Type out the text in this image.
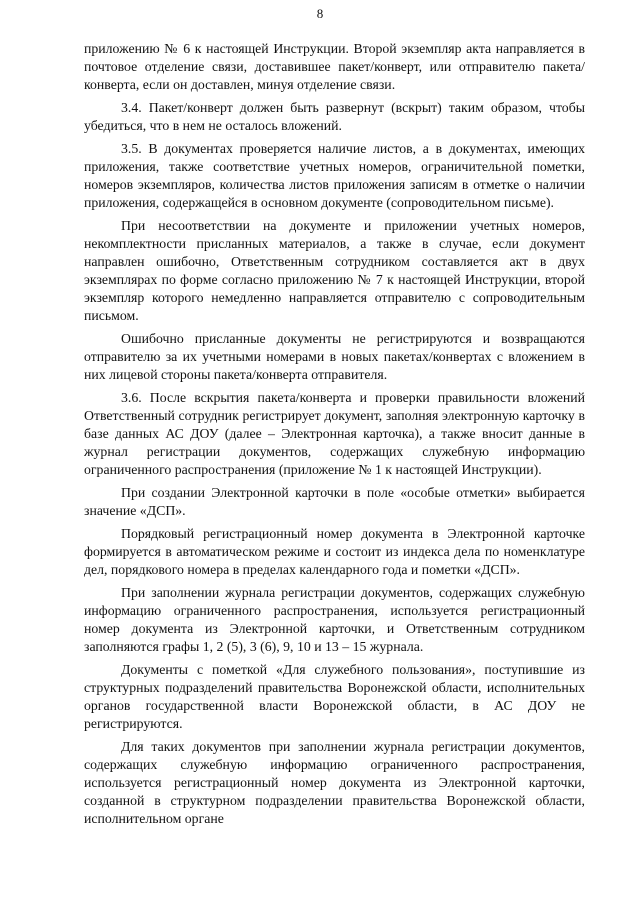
8

приложению № 6 к настоящей Инструкции. Второй экземпляр акта направляется в почтовое отделение связи, доставившее пакет/конверт, или отправителю пакета/конверта, если он доставлен, минуя отделение связи.

3.4. Пакет/конверт должен быть развернут (вскрыт) таким образом, чтобы убедиться, что в нем не осталось вложений.

3.5. В документах проверяется наличие листов, а в документах, имеющих приложения, также соответствие учетных номеров, ограничительной пометки, номеров экземпляров, количества листов приложения записям в отметке о наличии приложения, содержащейся в основном документе (сопроводительном письме).

При несоответствии на документе и приложении учетных номеров, некомплектности присланных материалов, а также в случае, если документ направлен ошибочно, Ответственным сотрудником составляется акт в двух экземплярах по форме согласно приложению № 7 к настоящей Инструкции, второй экземпляр которого немедленно направляется отправителю с сопроводительным письмом.

Ошибочно присланные документы не регистрируются и возвращаются отправителю за их учетными номерами в новых пакетах/конвертах с вложением в них лицевой стороны пакета/конверта отправителя.

3.6. После вскрытия пакета/конверта и проверки правильности вложений Ответственный сотрудник регистрирует документ, заполняя электронную карточку в базе данных АС ДОУ (далее – Электронная карточка), а также вносит данные в журнал регистрации документов, содержащих служебную информацию ограниченного распространения (приложение № 1 к настоящей Инструкции).

При создании Электронной карточки в поле «особые отметки» выбирается значение «ДСП».

Порядковый регистрационный номер документа в Электронной карточке формируется в автоматическом режиме и состоит из индекса дела по номенклатуре дел, порядкового номера в пределах календарного года и пометки «ДСП».

При заполнении журнала регистрации документов, содержащих служебную информацию ограниченного распространения, используется регистрационный номер документа из Электронной карточки, и Ответственным сотрудником заполняются графы 1, 2 (5), 3 (6), 9, 10 и 13 – 15 журнала.

Документы с пометкой «Для служебного пользования», поступившие из структурных подразделений правительства Воронежской области, исполнительных органов государственной власти Воронежской области, в АС ДОУ не регистрируются.

Для таких документов при заполнении журнала регистрации документов, содержащих служебную информацию ограниченного распространения, используется регистрационный номер документа из Электронной карточки, созданной в структурном подразделении правительства Воронежской области, исполнительном органе
